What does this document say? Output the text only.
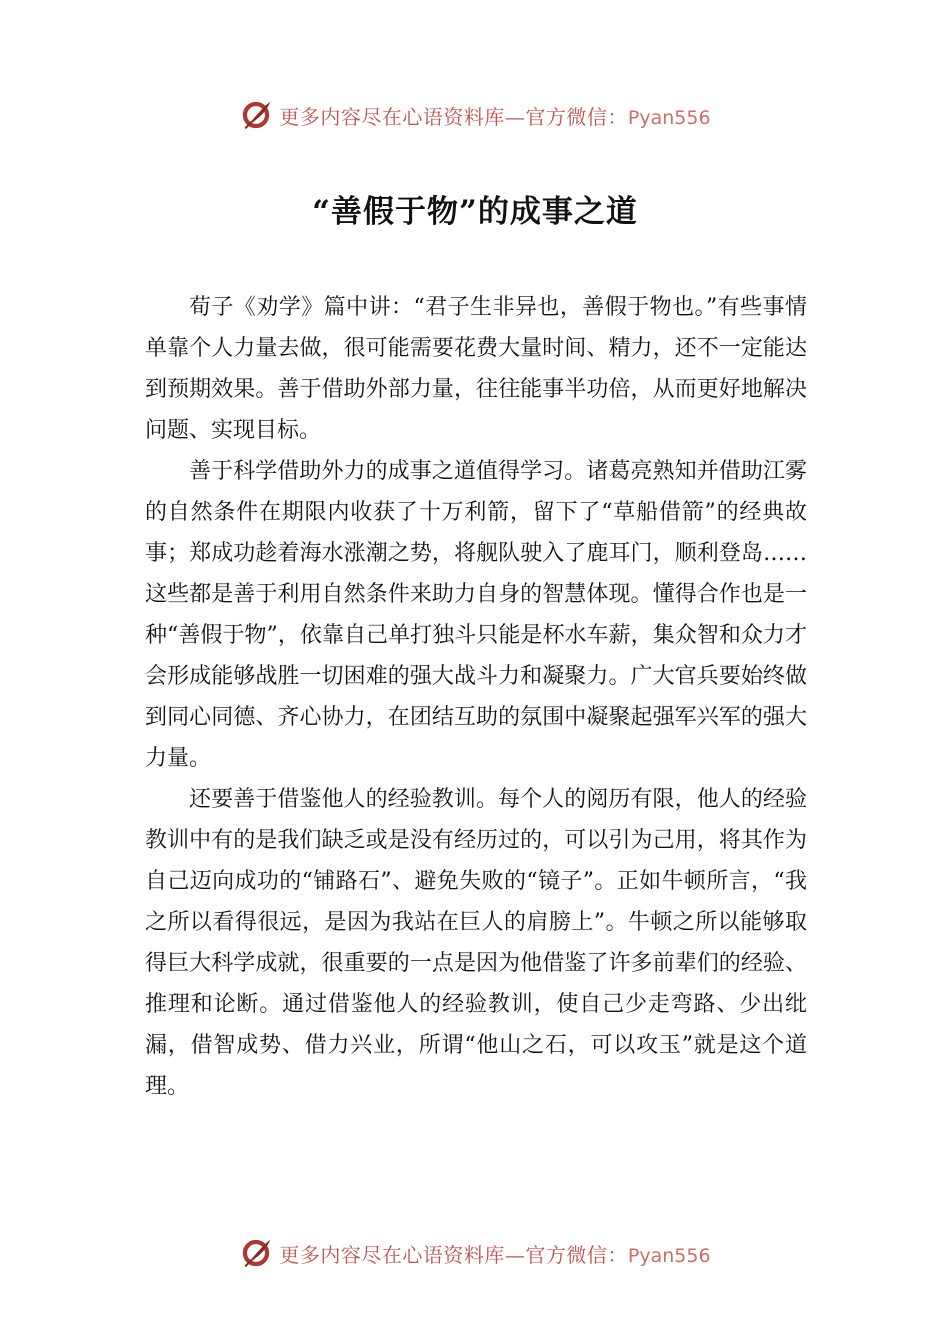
更多内容尽在心语资料库—官方微信：Pyan556
“善假于物”的成事之道

荀子《劝学》篇中讲：“君子生非异也，善假于物也。”有些事情单靠个人力量去做，很可能需要花费大量时间、精力，还不一定能达到预期效果。善于借助外部力量，往往能事半功倍，从而更好地解决问题、实现目标。

善于科学借助外力的成事之道值得学习。诸葛亮熟知并借助江雾的自然条件在期限内收获了十万利箭，留下了“草船借箭”的经典故事；郑成功趁着海水涨潮之势，将舰队驶入了鹿耳门，顺利登岛……这些都是善于利用自然条件来助力自身的智慧体现。懂得合作也是一种“善假于物”，依靠自己单打独斗只能是杯水车薪，集众智和众力才会形成能够战胜一切困难的强大战斗力和凝聚力。广大官兵要始终做到同心同德、齐心协力，在团结互助的氛围中凝聚起强军兴军的强大力量。

还要善于借鉴他人的经验教训。每个人的阅历有限，他人的经验教训中有的是我们缺乏或是没有经历过的，可以引为己用，将其作为自己迈向成功的“铺路石”、避免失败的“镜子”。正如牛顿所言，“我之所以看得很远，是因为我站在巨人的肩膀上”。牛顿之所以能够取得巨大科学成就，很重要的一点是因为他借鉴了许多前辈们的经验、推理和论断。通过借鉴他人的经验教训，使自己少走弯路、少出纰漏，借智成势、借力兴业，所谓“他山之石，可以攻玉”就是这个道理。

更多内容尽在心语资料库—官方微信：Pyan556
